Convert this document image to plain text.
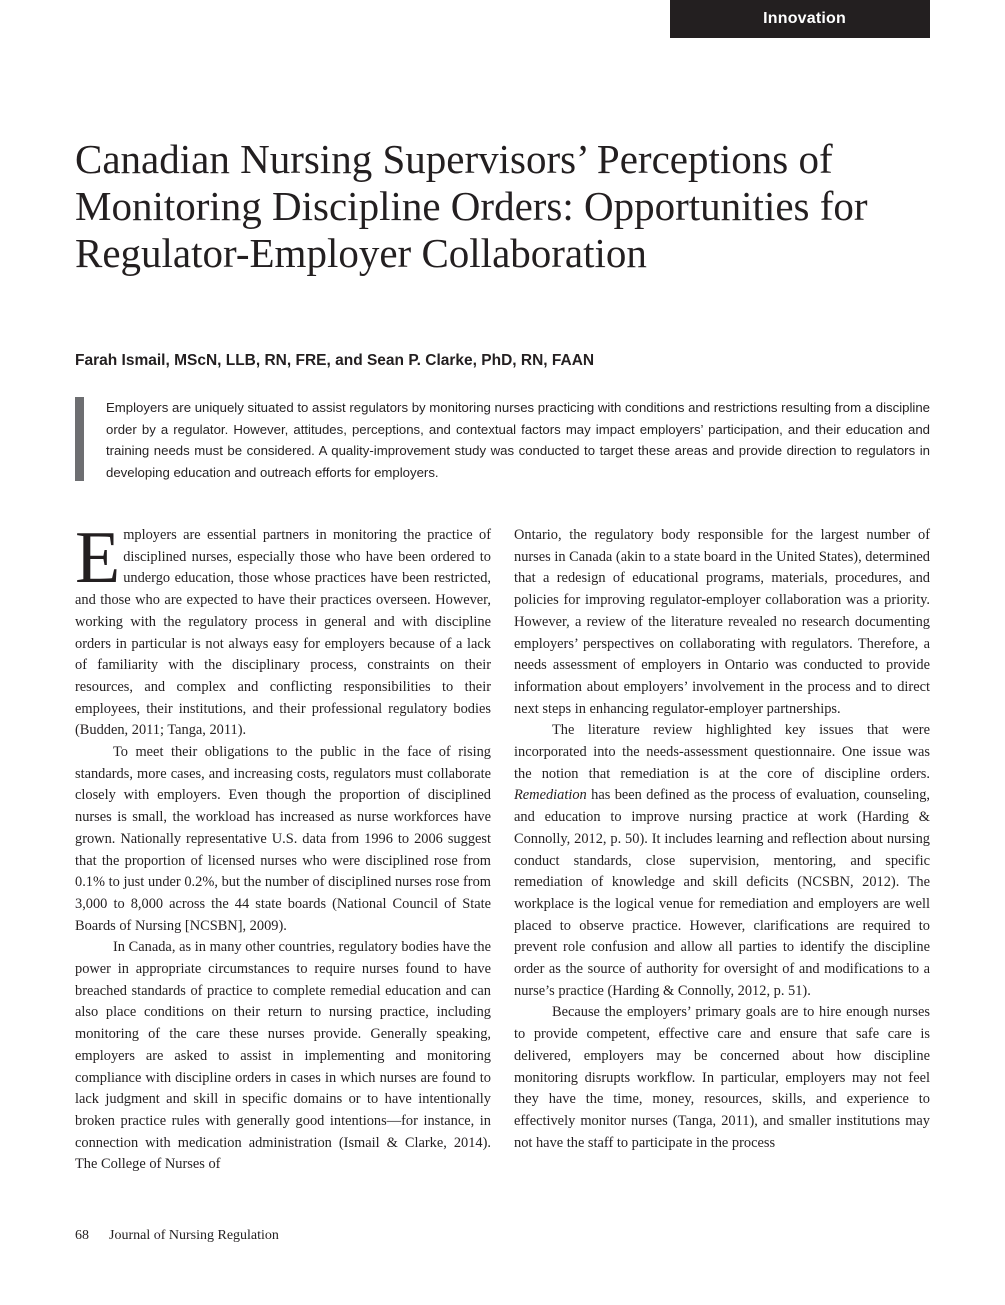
Innovation
Canadian Nursing Supervisors’ Perceptions of Monitoring Discipline Orders: Opportunities for Regulator-Employer Collaboration

Farah Ismail, MScN, LLB, RN, FRE, and Sean P. Clarke, PhD, RN, FAAN

Employers are uniquely situated to assist regulators by monitoring nurses practicing with conditions and restrictions resulting from a discipline order by a regulator. However, attitudes, perceptions, and contextual factors may impact employers’ participation, and their education and training needs must be considered. A quality-improvement study was conducted to target these areas and provide direction to regulators in developing education and outreach efforts for employers.

Employers are essential partners in monitoring the practice of disciplined nurses, especially those who have been ordered to undergo education, those whose practices have been restricted, and those who are expected to have their practices overseen. However, working with the regulatory process in general and with discipline orders in particular is not always easy for employers because of a lack of familiarity with the disciplinary process, constraints on their resources, and complex and conflicting responsibilities to their employees, their institutions, and their professional regulatory bodies (Budden, 2011; Tanga, 2011).

To meet their obligations to the public in the face of rising standards, more cases, and increasing costs, regulators must collaborate closely with employers. Even though the proportion of disciplined nurses is small, the workload has increased as nurse workforces have grown. Nationally representative U.S. data from 1996 to 2006 suggest that the proportion of licensed nurses who were disciplined rose from 0.1% to just under 0.2%, but the number of disciplined nurses rose from 3,000 to 8,000 across the 44 state boards (National Council of State Boards of Nursing [NCSBN], 2009).

In Canada, as in many other countries, regulatory bodies have the power in appropriate circumstances to require nurses found to have breached standards of practice to complete remedial education and can also place conditions on their return to nursing practice, including monitoring of the care these nurses provide. Generally speaking, employers are asked to assist in implementing and monitoring compliance with discipline orders in cases in which nurses are found to lack judgment and skill in specific domains or to have intentionally broken practice rules with generally good intentions—for instance, in connection with medication administration (Ismail & Clarke, 2014). The College of Nurses of

Ontario, the regulatory body responsible for the largest number of nurses in Canada (akin to a state board in the United States), determined that a redesign of educational programs, materials, procedures, and policies for improving regulator-employer collaboration was a priority. However, a review of the literature revealed no research documenting employers’ perspectives on collaborating with regulators. Therefore, a needs assessment of employers in Ontario was conducted to provide information about employers’ involvement in the process and to direct next steps in enhancing regulator-employer partnerships.

The literature review highlighted key issues that were incorporated into the needs-assessment questionnaire. One issue was the notion that remediation is at the core of discipline orders. Remediation has been defined as the process of evaluation, counseling, and education to improve nursing practice at work (Harding & Connolly, 2012, p. 50). It includes learning and reflection about nursing conduct standards, close supervision, mentoring, and specific remediation of knowledge and skill deficits (NCSBN, 2012). The workplace is the logical venue for remediation and employers are well placed to observe practice. However, clarifications are required to prevent role confusion and allow all parties to identify the discipline order as the source of authority for oversight of and modifications to a nurse’s practice (Harding & Connolly, 2012, p. 51).

Because the employers’ primary goals are to hire enough nurses to provide competent, effective care and ensure that safe care is delivered, employers may be concerned about how discipline monitoring disrupts workflow. In particular, employers may not feel they have the time, money, resources, skills, and experience to effectively monitor nurses (Tanga, 2011), and smaller institutions may not have the staff to participate in the process

68 Journal of Nursing Regulation
